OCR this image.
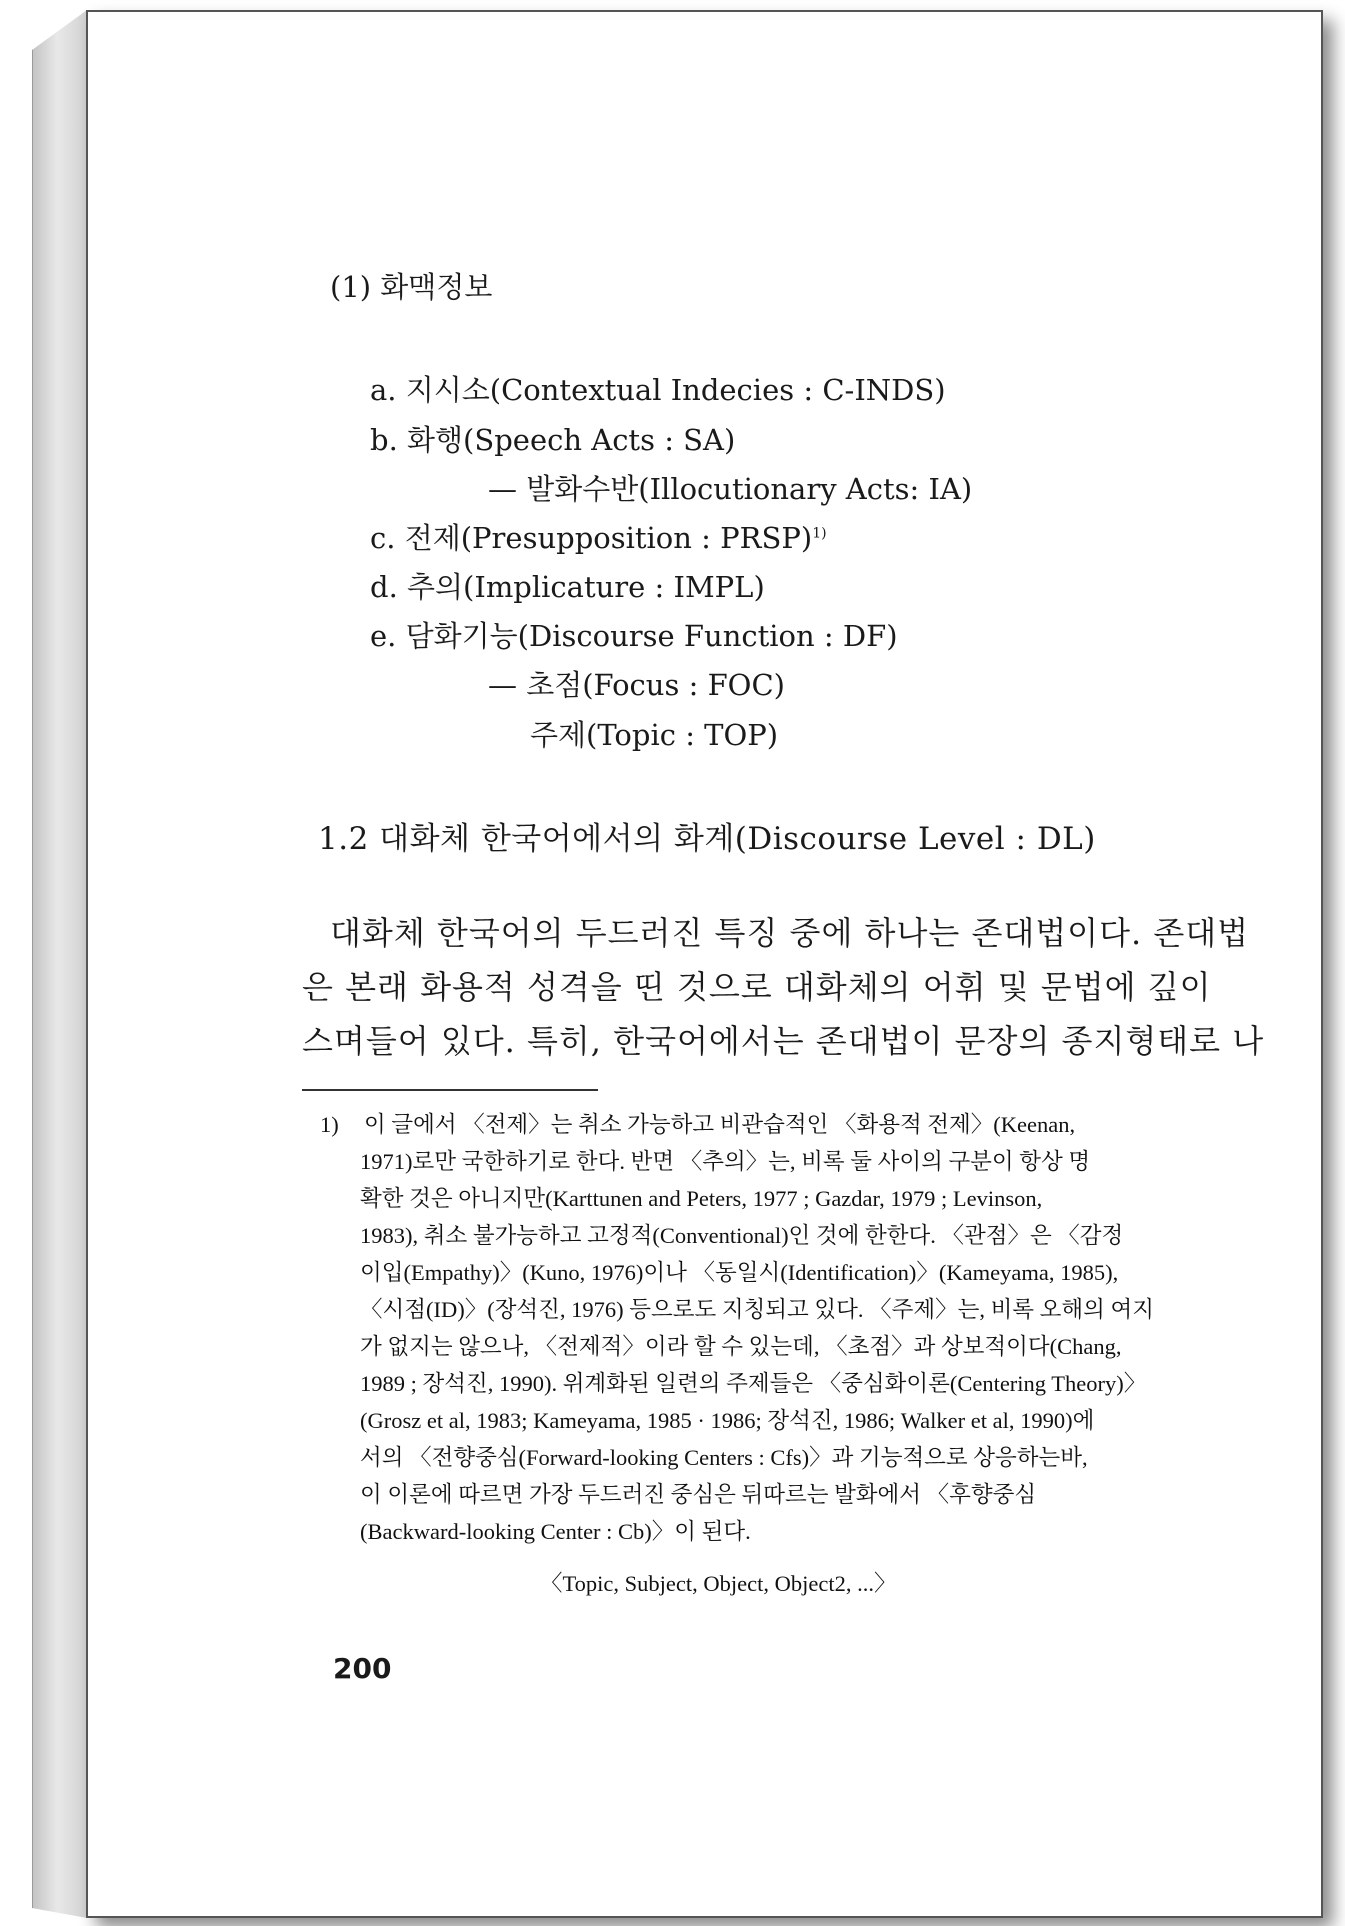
(1) 화맥정보
a. 지시소(Contextual Indecies : C-INDS)
b. 화행(Speech Acts : SA)
— 발화수반(Illocutionary Acts: IA)
c. 전제(Presupposition : PRSP)$^{1)}$
d. 추의(Implicature : IMPL)
e. 담화기능(Discourse Function : DF)
— 초점(Focus : FOC)
주제(Topic : TOP)
1.2 대화체 한국어에서의 화계(Discourse Level : DL)
대화체 한국어의 두드러진 특징 중에 하나는 존대법이다. 존대법
은 본래 화용적 성격을 띤 것으로 대화체의 어휘 및 문법에 깊이
스며들어 있다. 특히, 한국어에서는 존대법이 문장의 종지형태로 나
1) 이 글에서 〈전제〉는 취소 가능하고 비관습적인 〈화용적 전제〉(Keenan,
1971)로만 국한하기로 한다. 반면 〈추의〉는, 비록 둘 사이의 구분이 항상 명
확한 것은 아니지만(Karttunen and Peters, 1977 ; Gazdar, 1979 ; Levinson,
1983), 취소 불가능하고 고정적(Conventional)인 것에 한한다. 〈관점〉은 〈감정
이입(Empathy)〉(Kuno, 1976)이나 〈동일시(Identification)〉(Kameyama, 1985),
〈시점(ID)〉(장석진, 1976) 등으로도 지칭되고 있다. 〈주제〉는, 비록 오해의 여지
가 없지는 않으나, 〈전제적〉이라 할 수 있는데, 〈초점〉과 상보적이다(Chang,
1989 ; 장석진, 1990). 위계화된 일련의 주제들은 〈중심화이론(Centering Theory)〉
(Grosz et al, 1983; Kameyama, 1985 · 1986; 장석진, 1986; Walker et al, 1990)에
서의 〈전향중심(Forward-looking Centers : Cfs)〉과 기능적으로 상응하는바,
이 이론에 따르면 가장 두드러진 중심은 뒤따르는 발화에서 〈후향중심
(Backward-looking Center : Cb)〉이 된다.
〈Topic, Subject, Object, Object2, ...〉
200
